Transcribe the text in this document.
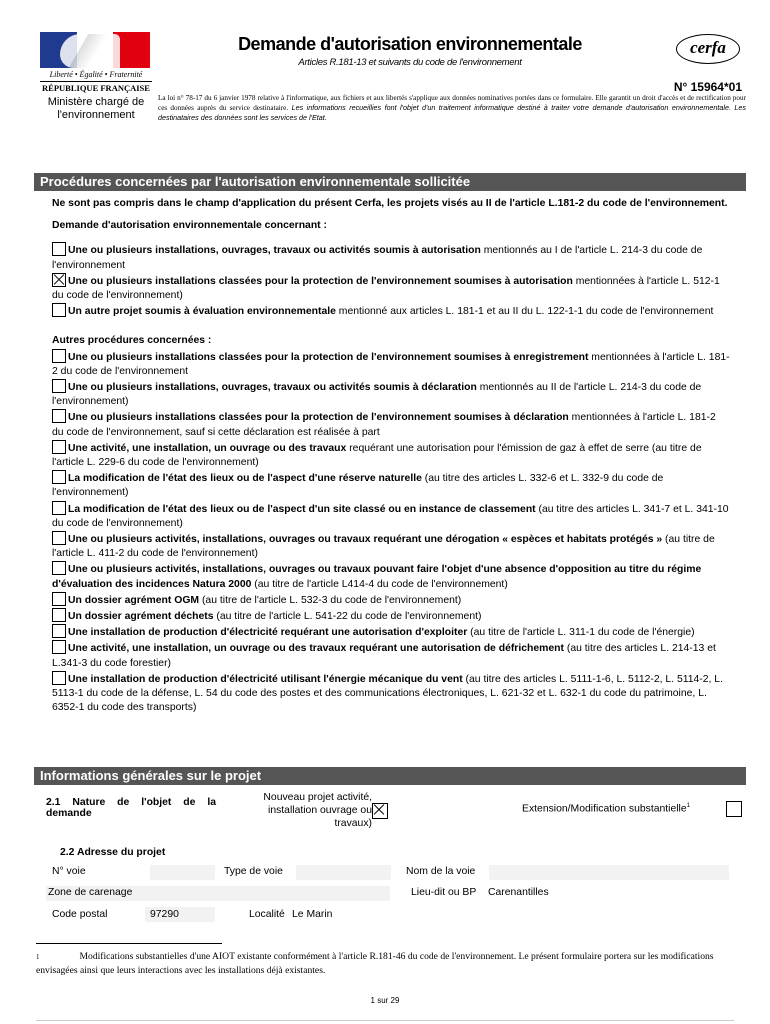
Liberté • Égalité • Fraternité
RÉPUBLIQUE FRANÇAISE
Ministère chargé de l'environnement
Demande d'autorisation environnementale
Articles R.181-13 et suivants du code de l'environnement
cerfa
N° 15964*01
La loi n° 78-17 du 6 janvier 1978 relative à l'informatique, aux fichiers et aux libertés s'applique aux données nominatives portées dans ce formulaire. Elle garantit un droit d'accès et de rectification pour ces données auprès du service destinataire. Les informations recueillies font l'objet d'un traitement informatique destiné à traiter votre demande d'autorisation environnementale. Les destinataires des données sont les services de l'Etat.
Procédures concernées par l'autorisation environnementale sollicitée

Ne sont pas compris dans le champ d'application du présent Cerfa, les projets visés au II de l'article L.181-2 du code de l'environnement.

Demande d'autorisation environnementale concernant :

Une ou plusieurs installations, ouvrages, travaux ou activités soumis à autorisation mentionnés au I de l'article L. 214-3 du code de l'environnement

Une ou plusieurs installations classées pour la protection de l'environnement soumises à autorisation mentionnées à l'article L. 512-1 du code de l'environnement)

Un autre projet soumis à évaluation environnementale mentionné aux articles L. 181-1 et au II du L. 122-1-1 du code de l'environnement

Autres procédures concernées :

Une ou plusieurs installations classées pour la protection de l'environnement soumises à enregistrement mentionnées à l'article L. 181-2 du code de l'environnement

Une ou plusieurs installations, ouvrages, travaux ou activités soumis à déclaration mentionnés au II de l'article L. 214-3 du code de l'environnement)

Une ou plusieurs installations classées pour la protection de l'environnement soumises à déclaration mentionnées à l'article L. 181-2 du code de l'environnement, sauf si cette déclaration est réalisée à part

Une activité, une installation, un ouvrage ou des travaux requérant une autorisation pour l'émission de gaz à effet de serre (au titre de l'article L. 229-6 du code de l'environnement)

La modification de l'état des lieux ou de l'aspect d'une réserve naturelle (au titre des articles L. 332-6 et L. 332-9 du code de l'environnement)

La modification de l'état des lieux ou de l'aspect d'un site classé ou en instance de classement (au titre des articles L. 341-7 et L. 341-10 du code de l'environnement)

Une ou plusieurs activités, installations, ouvrages ou travaux requérant une dérogation « espèces et habitats protégés » (au titre de l'article L. 411-2 du code de l'environnement)

Une ou plusieurs activités, installations, ouvrages ou travaux pouvant faire l'objet d'une absence d'opposition au titre du régime d'évaluation des incidences Natura 2000 (au titre de l'article L414-4 du code de l'environnement)

Un dossier agrément OGM (au titre de l'article L. 532-3 du code de l'environnement)

Un dossier agrément déchets (au titre de l'article L. 541-22 du code de l'environnement)

Une installation de production d'électricité requérant une autorisation d'exploiter (au titre de l'article L. 311-1 du code de l'énergie)

Une activité, une installation, un ouvrage ou des travaux requérant une autorisation de défrichement (au titre des articles L. 214-13 et L.341-3 du code forestier)

Une installation de production d'électricité utilisant l'énergie mécanique du vent (au titre des articles L. 5111-1-6, L. 5112-2, L. 5114-2, L. 5113-1 du code de la défense, L. 54 du code des postes et des communications électroniques, L. 621-32 et L. 632-1 du code du patrimoine, L. 6352-1 du code des transports)

Informations générales sur le projet
2.1 Nature de l'objet de la demande
Nouveau projet activité, installation ouvrage ou travaux)

Extension/Modification substantielle$^1$
2.2 Adresse du projet
N° voie	Type de voie	Nom de la voie
Zone de carenage	Lieu-dit ou BP Carenantilles
Code postal	97290	Localité Le Marin
$^1$	Modifications substantielles d'une AIOT existante conformément à l'article R.181-46 du code de l'environnement. Le présent formulaire portera sur les modifications envisagées ainsi que leurs interactions avec les installations déjà existantes.
1 sur 29
